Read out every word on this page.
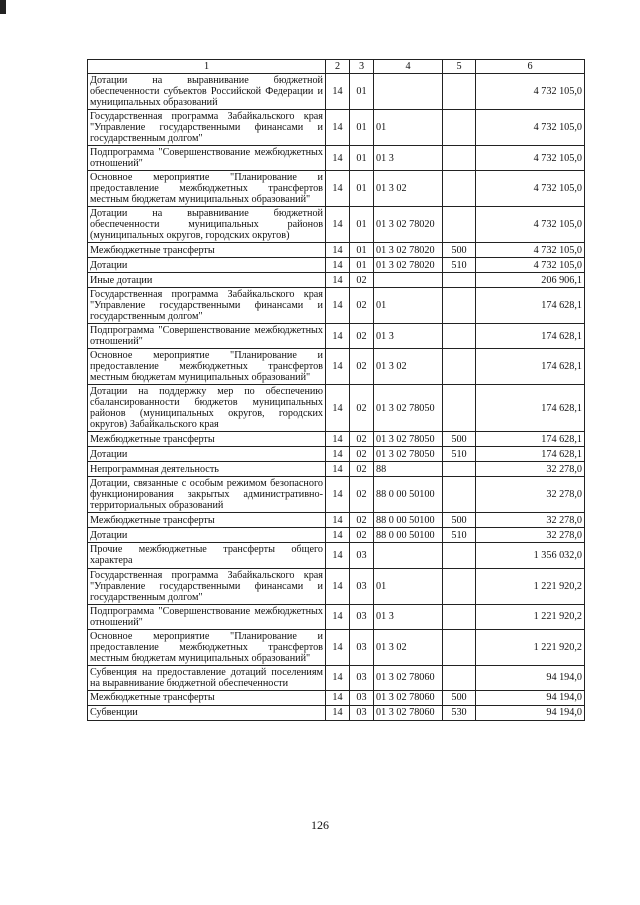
1	2	3	4	5	6
Дотации на выравнивание бюджетной обеспеченности субъектов Российской Федерации и муниципальных образований	14	01			4 732 105,0
Государственная программа Забайкальского края "Управление государственными финансами и государственным долгом"	14	01	01		4 732 105,0
Подпрограмма "Совершенствование межбюджетных отношений"	14	01	01 3		4 732 105,0
Основное мероприятие "Планирование и предоставление межбюджетных трансфертов местным бюджетам муниципальных образований"	14	01	01 3 02		4 732 105,0
Дотации на выравнивание бюджетной обеспеченности муниципальных районов (муниципальных округов, городских округов)	14	01	01 3 02 78020		4 732 105,0
Межбюджетные трансферты	14	01	01 3 02 78020	500	4 732 105,0
Дотации	14	01	01 3 02 78020	510	4 732 105,0
Иные дотации	14	02			206 906,1
Государственная программа Забайкальского края "Управление государственными финансами и государственным долгом"	14	02	01		174 628,1
Подпрограмма "Совершенствование межбюджетных отношений"	14	02	01 3		174 628,1
Основное мероприятие "Планирование и предоставление межбюджетных трансфертов местным бюджетам муниципальных образований"	14	02	01 3 02		174 628,1
Дотации на поддержку мер по обеспечению сбалансированности бюджетов муниципальных районов (муниципальных округов, городских округов) Забайкальского края	14	02	01 3 02 78050		174 628,1
Межбюджетные трансферты	14	02	01 3 02 78050	500	174 628,1
Дотации	14	02	01 3 02 78050	510	174 628,1
Непрограммная деятельность	14	02	88		32 278,0
Дотации, связанные с особым режимом безопасного функционирования закрытых административно-территориальных образований	14	02	88 0 00 50100		32 278,0
Межбюджетные трансферты	14	02	88 0 00 50100	500	32 278,0
Дотации	14	02	88 0 00 50100	510	32 278,0
Прочие межбюджетные трансферты общего характера	14	03			1 356 032,0
Государственная программа Забайкальского края "Управление государственными финансами и государственным долгом"	14	03	01		1 221 920,2
Подпрограмма "Совершенствование межбюджетных отношений"	14	03	01 3		1 221 920,2
Основное мероприятие "Планирование и предоставление межбюджетных трансфертов местным бюджетам муниципальных образований"	14	03	01 3 02		1 221 920,2
Субвенция на предоставление дотаций поселениям на выравнивание бюджетной обеспеченности	14	03	01 3 02 78060		94 194,0
Межбюджетные трансферты	14	03	01 3 02 78060	500	94 194,0
Субвенции	14	03	01 3 02 78060	530	94 194,0
126
